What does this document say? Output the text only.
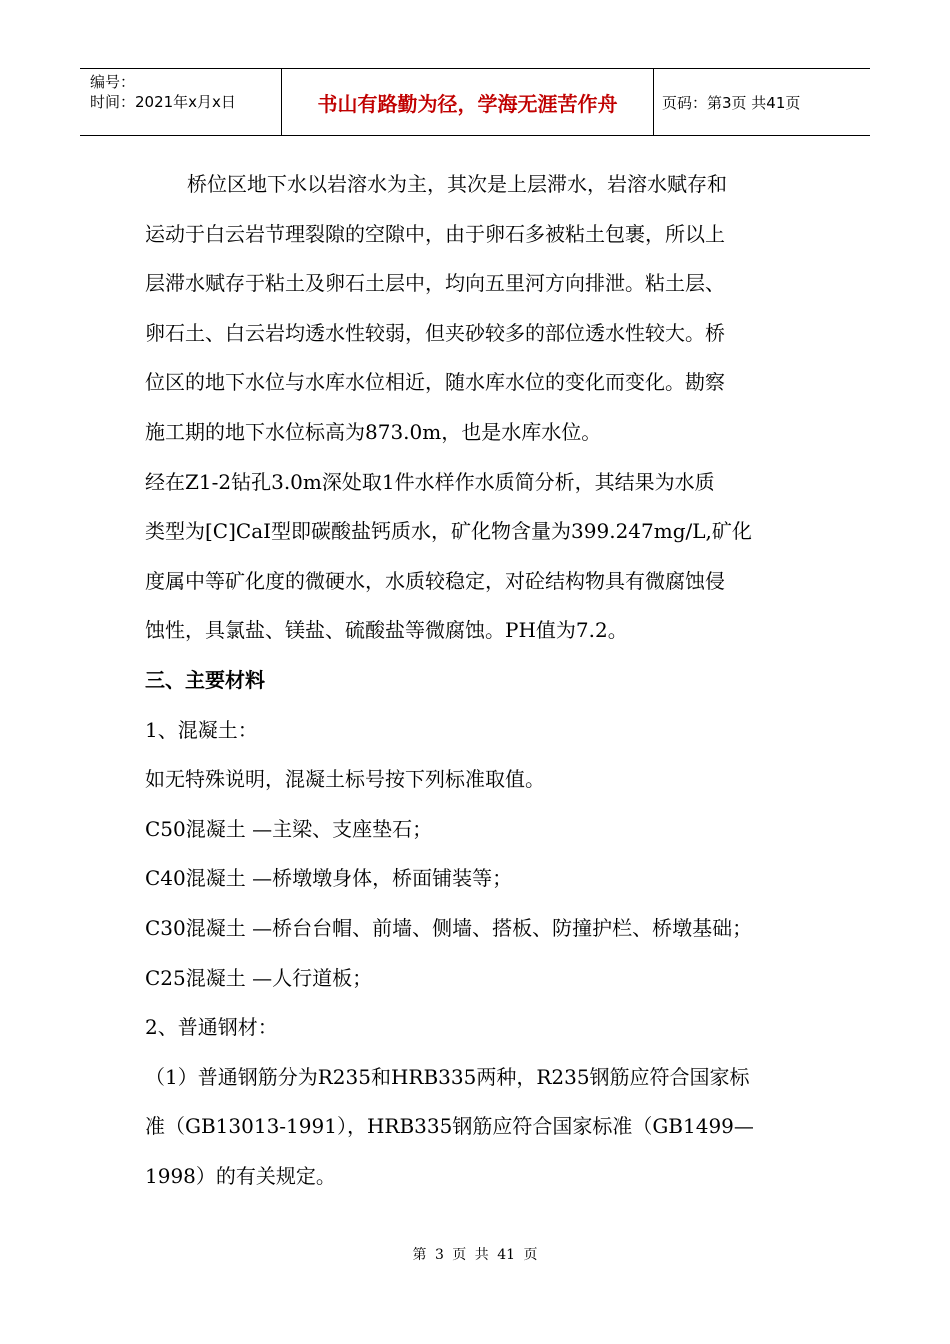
编号：
时间：2021年x月x日	书山有路勤为径，学海无涯苦作舟	页码：第3页 共41页
桥位区地下水以岩溶水为主，其次是上层滞水，岩溶水赋存和
运动于白云岩节理裂隙的空隙中，由于卵石多被粘土包裹，所以上
层滞水赋存于粘土及卵石土层中，均向五里河方向排泄。粘土层、
卵石土、白云岩均透水性较弱，但夹砂较多的部位透水性较大。桥
位区的地下水位与水库水位相近，随水库水位的变化而变化。勘察
施工期的地下水位标高为873.0m，也是水库水位。
经在Z1-2钻孔3.0m深处取1件水样作水质简分析，其结果为水质
类型为[C]CaI型即碳酸盐钙质水，矿化物含量为399.247mg/L,矿化
度属中等矿化度的微硬水，水质较稳定，对砼结构物具有微腐蚀侵
蚀性，具氯盐、镁盐、硫酸盐等微腐蚀。PH值为7.2。
三、主要材料
1、混凝土：
如无特殊说明，混凝土标号按下列标准取值。
C50混凝土 —主梁、支座垫石；
C40混凝土 —桥墩墩身体，桥面铺装等；
C30混凝土 —桥台台帽、前墙、侧墙、搭板、防撞护栏、桥墩基础；
C25混凝土 —人行道板；
2、普通钢材：
（1）普通钢筋分为R235和HRB335两种，R235钢筋应符合国家标
准（GB13013-1991），HRB335钢筋应符合国家标准（GB1499—
1998）的有关规定。
第 3 页 共 41 页
